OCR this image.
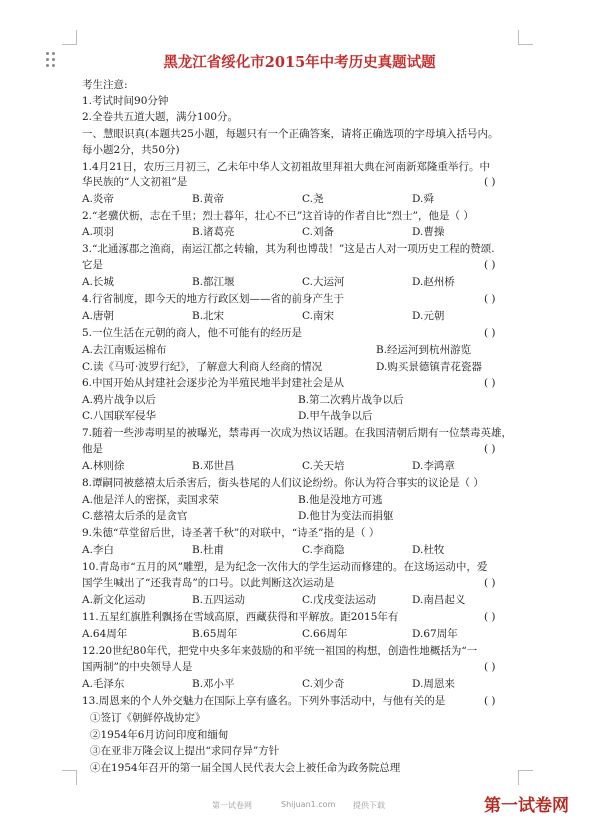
黑龙江省绥化市2015年中考历史真题试题
考生注意:
1.考试时间90分钟
2.全卷共五道大题，满分100分。
一、慧眼识真(本题共25小题，每题只有一个正确答案，请将正确选项的字母填入括号内。
每小题2分，共50分)
1.4月21日，农历三月初三，乙未年中华人文初祖故里拜祖大典在河南新郑隆重举行。中
华民族的“人文初祖”是	( )
A.炎帝	B.黄帝	C.尧	D.舜
2.“老骥伏枥，志在千里；烈士暮年，壮心不已”这首诗的作者自比“烈士”，他是（ ）
A.项羽	B.诸葛亮	C.刘备	D.曹操
3.“北通涿郡之渔商，南运江都之转输，其为利也博哉！”这是古人对一项历史工程的赞颂.
它是	( )
A.长城	B.都江堰	C.大运河	D.赵州桥
4.行省制度，即今天的地方行政区划——省的前身产生于	( )
A.唐朝	B.北宋	C.南宋	D.元朝
5.一位生活在元朝的商人，他不可能有的经历是	( )
A.去江南贩运棉布	B.经运河到杭州游览
C.读《马可·波罗行纪》，了解意大利商人经商的情况	D.购买景德镇青花瓷器
6.中国开始从封建社会逐步沦为半殖民地半封建社会是从	( )
A.鸦片战争以后	B.第二次鸦片战争以后
C.八国联军侵华	D.甲午战争以后
7.随着一些涉毒明星的被曝光，禁毒再一次成为热议话题。在我国清朝后期有一位禁毒英雄，
他是	( )
A.林则徐	B.邓世昌	C.关天培	D.李鸿章
8.谭嗣同被慈禧太后杀害后，街头巷尾的人们议论纷纷。你认为符合事实的议论是（ ）
A.他是洋人的密探，卖国求荣	B.他是没地方可逃
C.慈禧太后杀的是贪官	D.他甘为变法而捐躯
9.朱德“草堂留后世，诗圣著千秋”的对联中，“诗圣”指的是（ ）
A.李白	B.杜甫	C.李商隐	D.杜牧
10.青岛市“五月的风”雕塑，是为纪念一次伟大的学生运动而修建的。在这场运动中，爱
国学生喊出了“还我青岛”的口号。以此判断这次运动是	( )
A.新文化运动	B.五四运动	C.戊戌变法运动	D.南昌起义
11.五星红旗胜利飘扬在雪域高原，西藏获得和平解放。距2015年有	( )
A.64周年	B.65周年	C.66周年	D.67周年
12.20世纪80年代，把党中央多年来鼓励的和平统一祖国的构想，创造性地概括为“一
国两制”的中央领导人是	( )
A.毛泽东	B.邓小平	C.刘少奇	D.周恩来
13.周恩来的个人外交魅力在国际上享有盛名。下列外事活动中，与他有关的是	( )
①签订《朝鲜停战协定》
②1954年6月访问印度和缅甸
③在亚非万隆会议上提出“求同存异”方针
④在1954年召开的第一届全国人民代表大会上被任命为政务院总理
第一试卷网	Shijuan1.com 提供下载	第一试卷网
